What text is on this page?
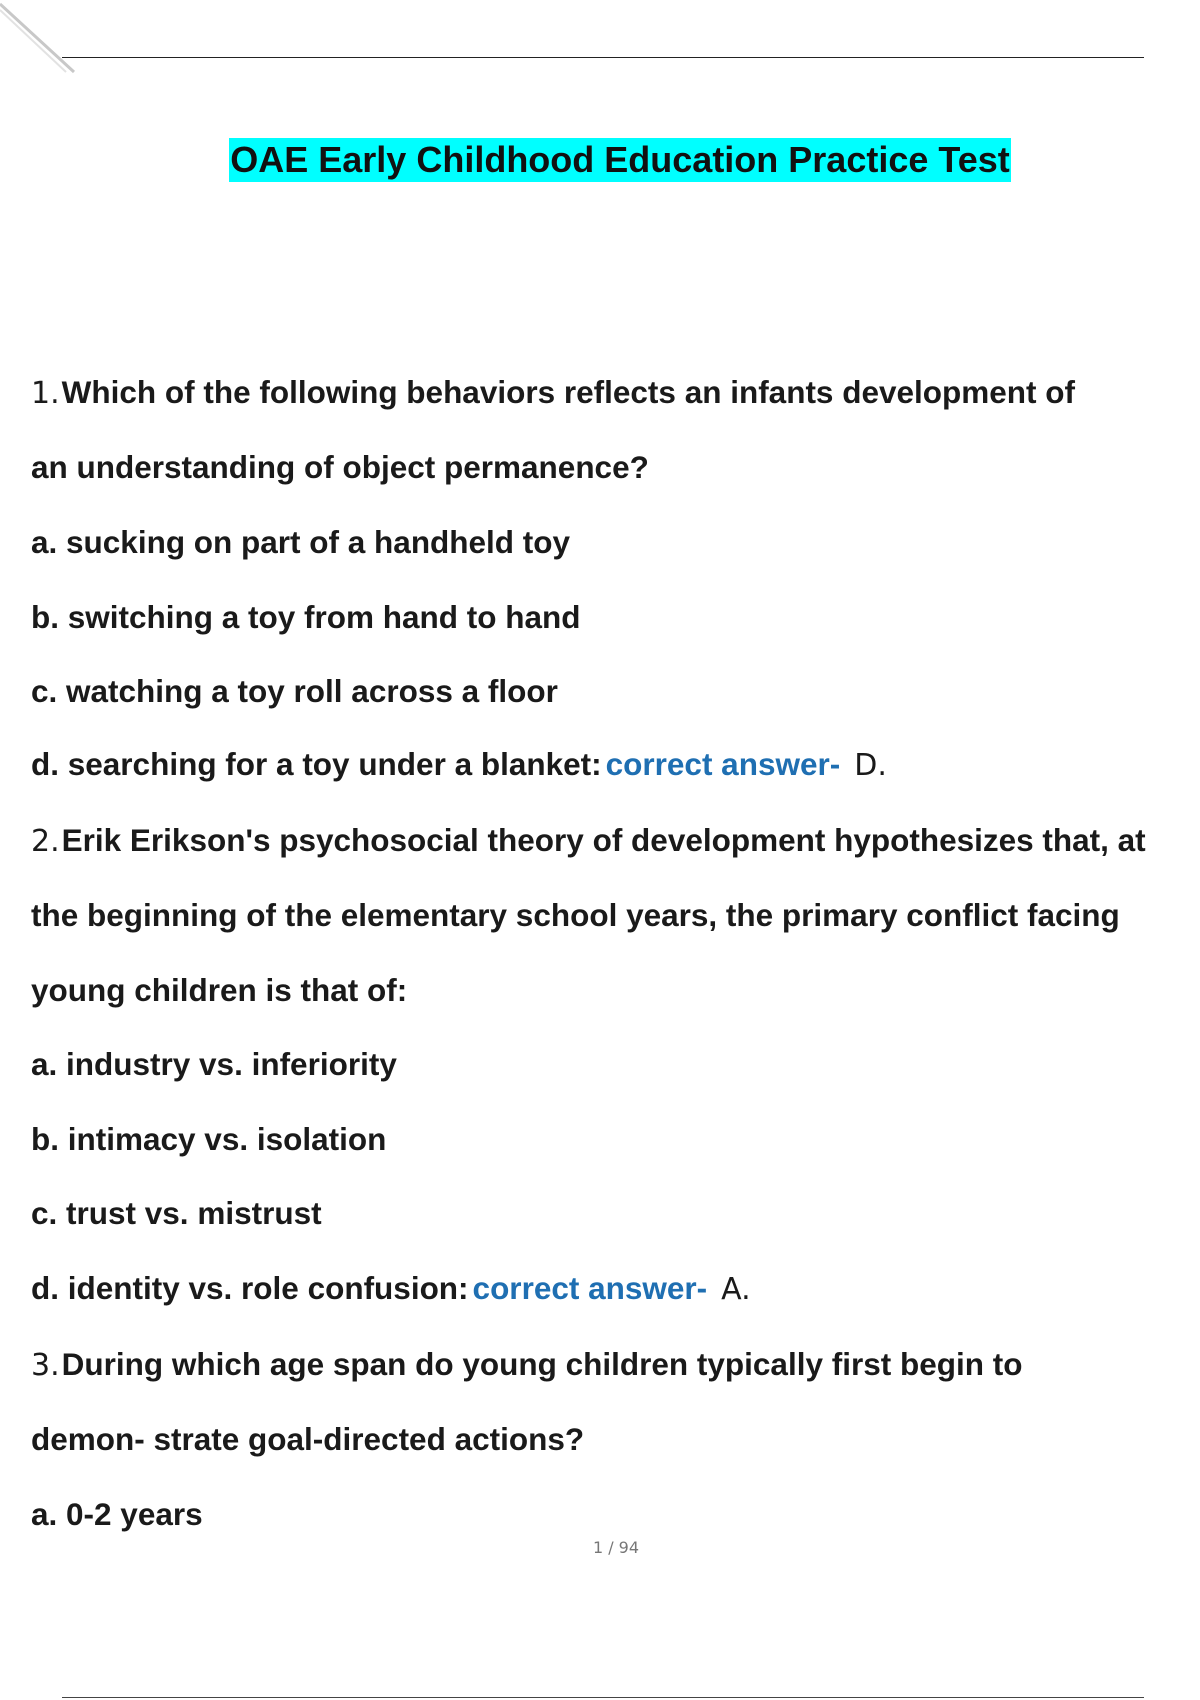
OAE Early Childhood Education Practice Test
1.Which of the following behaviors reflects an infants development of
an understanding of object permanence?
a. sucking on part of a handheld toy
b. switching a toy from hand to hand
c. watching a toy roll across a floor
d. searching for a toy under a blanket: correct answer- D.
2.Erik Erikson's psychosocial theory of development hypothesizes that, at
the beginning of the elementary school years, the primary conflict facing
young children is that of:
a. industry vs. inferiority
b. intimacy vs. isolation
c. trust vs. mistrust
d. identity vs. role confusion: correct answer- A.
3.During which age span do young children typically first begin to
demon- strate goal-directed actions?
a. 0-2 years
1 / 94
